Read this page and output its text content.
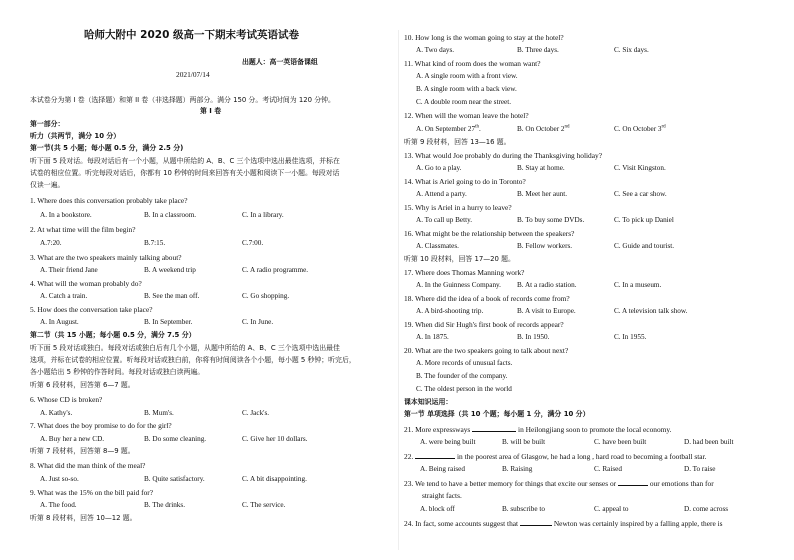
哈师大附中 2020 级高一下期末考试英语试卷
出题人：高一英语备课组
2021/07/14
本试卷分为第 I 卷（选择题）和第 II 卷（非选择题）两部分。满分 150 分。考试时间为 120 分钟。
第 I 卷
第一部分：
听力（共两节，满分 10 分）
第一节(共 5 小题；每小题 0.5 分，满分 2.5 分)
听下面 5 段对话。每段对话后有一个小题，从题中所给的 A、B、C 三个选项中选出最佳选项，并标在
试卷的相应位置。听完每段对话后，你都有 10 秒钟的时间来回答有关小题和阅读下一小题。每段对话
仅读一遍。
1. Where does this conversation probably take place?
A. In a bookstore.	B. In a classroom.	C. In a library.
2. At what time will the film begin?
A.7:20.	B.7:15.	C.7:00.
3. What are the two speakers mainly talking about?
A. Their friend Jane	B. A weekend trip	C. A radio programme.
4. What will the woman probably do?
A. Catch a train.	B. See the man off.	C. Go shopping.
5. How does the conversation take place?
A. In August.	B. In September.	C. In June.
第二节（共 15 小题；每小题 0.5 分，满分 7.5 分）
听下面 5 段对话或独白。每段对话或独白后有几个小题，从题中所给的 A、B、C 三个选项中选出最佳
选项，并标在试卷的相应位置。听每段对话或独白前，你将有时间阅读各个小题，每小题 5 秒钟；听完后，
各小题给出 5 秒钟的作答时间。每段对话或独白读两遍。
听第 6 段材料，回答第 6—7 题。
6. Whose CD is broken?
A. Kathy's.	B. Mum's.	C. Jack's.
7. What does the boy promise to do for the girl?
A. Buy her a new CD.	B. Do some cleaning.	C. Give her 10 dollars.
听第 7 段材料，回答第 8—9 题。
8. What did the man think of the meal?
A. Just so-so.	B. Quite satisfactory.	C. A bit disappointing.
9. What was the 15% on the bill paid for?
A. The food.	B. The drinks.	C. The service.
听第 8 段材料，回答 10—12 题。
10. How long is the woman going to stay at the hotel?
A. Two days.	B. Three days.	C. Six days.
11. What kind of room does the woman want?
A. A single room with a front view.
B. A single room with a back view.
C. A double room near the street.
12. When will the woman leave the hotel?
A. On September 27th.	B. On October 2nd	C. On October 3rd
听第 9 段材料，回答 13—16 题。
13. What would Joe probably do during the Thanksgiving holiday?
A. Go to a play.	B. Stay at home.	C. Visit Kingston.
14. What is Ariel going to do in Toronto?
A. Attend a party.	B. Meet her aunt.	C. See a car show.
15. Why is Ariel in a hurry to leave?
A. To call up Betty.	B. To buy some DVDs.	C. To pick up Daniel
16. What might be the relationship between the speakers?
A. Classmates.	B. Fellow workers.	C. Guide and tourist.
听第 10 段材料，回答 17—20 题。
17. Where does Thomas Manning work?
A. In the Guinness Company. B. At a radio station.	C. In a museum.
18. Where did the idea of a book of records come from?
A. A bird-shooting trip.	B. A visit to Europe.	C. A television talk show.
19. When did Sir Hugh's first book of records appear?
A. In 1875.	B. In 1950.	C. In 1955.
20. What are the two speakers going to talk about next?
A. More records of unusual facts.
B. The founder of the company.
C. The oldest person in the world
课本知识运用：
第一节 单项选择（共 10 个题；每小题 1 分，满分 10 分）
21. More expressways	in Heilongjiang soon to promote the local economy.
A. were being built	B. will be built	C. have been built	D. had been built
22.	in the poorest area of Glasgow, he had a long , hard road to becoming a football star.
A. Being raised	B. Raising	C. Raised	D. To raise
23. We tend to have a better memory for things that excite our senses or	our emotions than for
straight facts.
A. block off	B. subscribe to	C. appeal to	D. come across
24. In fact, some accounts suggest that	Newton was certainly inspired by a falling apple, there is
